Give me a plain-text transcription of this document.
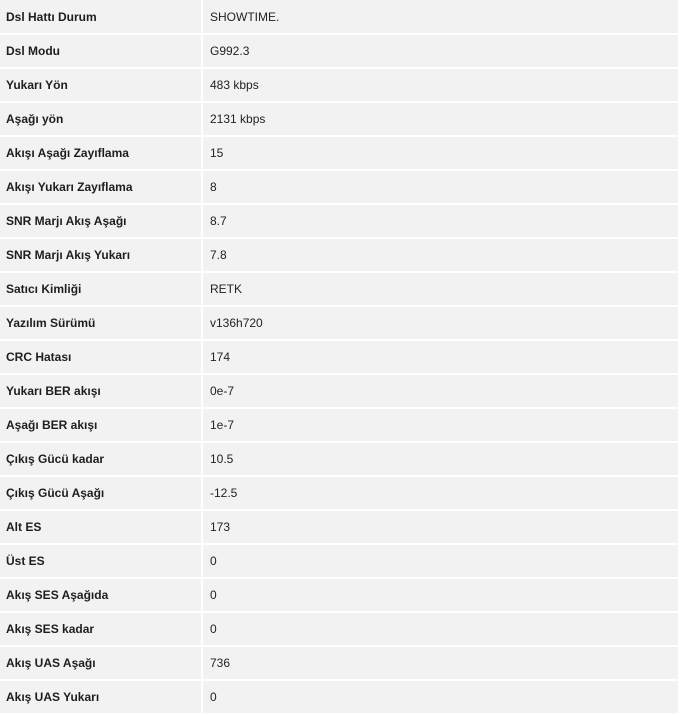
Dsl Hattı Durum	SHOWTIME.
Dsl Modu	G992.3
Yukarı Yön	483 kbps
Aşağı yön	2131 kbps
Akışı Aşağı Zayıflama	15
Akışı Yukarı Zayıflama	8
SNR Marjı Akış Aşağı	8.7
SNR Marjı Akış Yukarı	7.8
Satıcı Kimliği	RETK
Yazılım Sürümü	v136h720
CRC Hatası	174
Yukarı BER akışı	0e-7
Aşağı BER akışı	1e-7
Çıkış Gücü kadar	10.5
Çıkış Gücü Aşağı	-12.5
Alt ES	173
Üst ES	0
Akış SES Aşağıda	0
Akış SES kadar	0
Akış UAS Aşağı	736
Akış UAS Yukarı	0
